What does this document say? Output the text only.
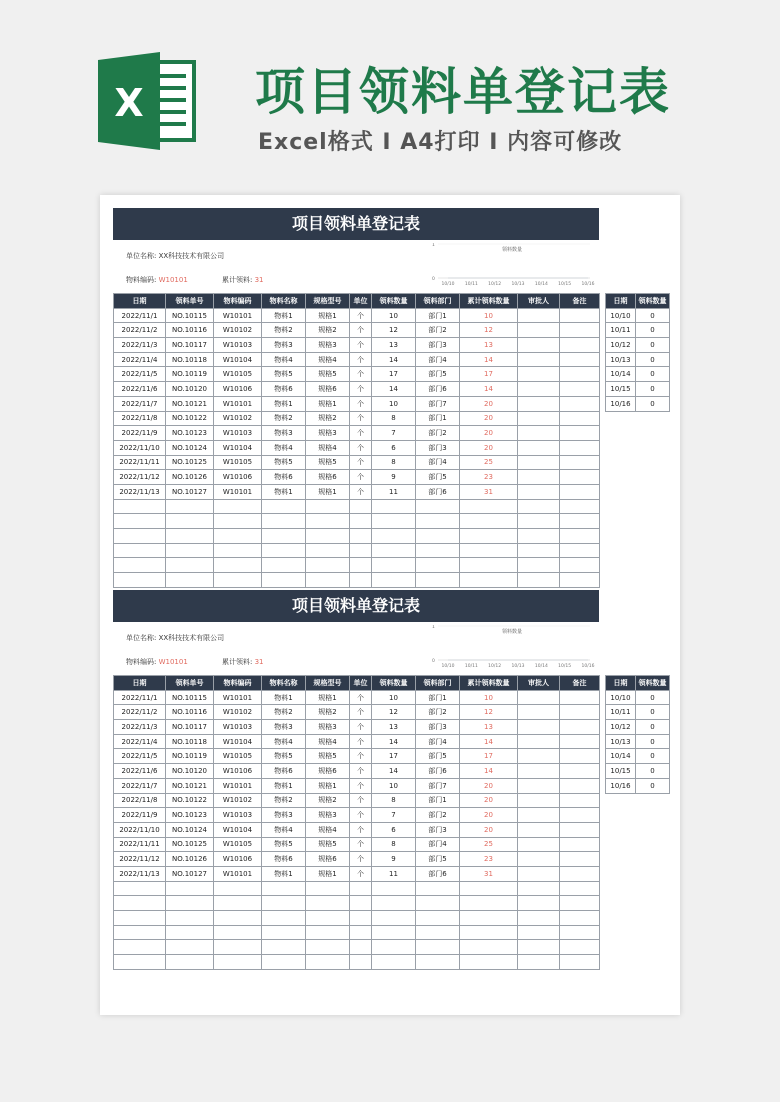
X 项目领料单登记表
Excel格式 I A4打印 I 内容可修改
项目领料单登记表
单位名称: XX科技技术有限公司
物料编码: W10101	累计领料: 31
领料数量
1
0
10/10 10/11 10/12 10/13 10/14 10/15 10/16
日期	领料单号	物料编码	物料名称	规格型号	单位	领料数量	领料部门	累计领料数量	审批人	备注
2022/11/1	NO.10115	W10101	物料1	规格1	个	10	部门1	10		
2022/11/2	NO.10116	W10102	物料2	规格2	个	12	部门2	12		
2022/11/3	NO.10117	W10103	物料3	规格3	个	13	部门3	13		
2022/11/4	NO.10118	W10104	物料4	规格4	个	14	部门4	14		
2022/11/5	NO.10119	W10105	物料5	规格5	个	17	部门5	17		
2022/11/6	NO.10120	W10106	物料6	规格6	个	14	部门6	14		
2022/11/7	NO.10121	W10101	物料1	规格1	个	10	部门7	20		
2022/11/8	NO.10122	W10102	物料2	规格2	个	8	部门1	20		
2022/11/9	NO.10123	W10103	物料3	规格3	个	7	部门2	20		
2022/11/10	NO.10124	W10104	物料4	规格4	个	6	部门3	20		
2022/11/11	NO.10125	W10105	物料5	规格5	个	8	部门4	25		
2022/11/12	NO.10126	W10106	物料6	规格6	个	9	部门5	23		
2022/11/13	NO.10127	W10101	物料1	规格1	个	11	部门6	31		

日期	领料数量
10/10	0
10/11	0
10/12	0
10/13	0
10/14	0
10/15	0
10/16	0
项目领料单登记表
单位名称: XX科技技术有限公司
物料编码: W10101	累计领料: 31
领料数量
1
0
10/10 10/11 10/12 10/13 10/14 10/15 10/16
日期	领料单号	物料编码	物料名称	规格型号	单位	领料数量	领料部门	累计领料数量	审批人	备注
2022/11/1	NO.10115	W10101	物料1	规格1	个	10	部门1	10		
2022/11/2	NO.10116	W10102	物料2	规格2	个	12	部门2	12		
2022/11/3	NO.10117	W10103	物料3	规格3	个	13	部门3	13		
2022/11/4	NO.10118	W10104	物料4	规格4	个	14	部门4	14		
2022/11/5	NO.10119	W10105	物料5	规格5	个	17	部门5	17		
2022/11/6	NO.10120	W10106	物料6	规格6	个	14	部门6	14		
2022/11/7	NO.10121	W10101	物料1	规格1	个	10	部门7	20		
2022/11/8	NO.10122	W10102	物料2	规格2	个	8	部门1	20		
2022/11/9	NO.10123	W10103	物料3	规格3	个	7	部门2	20		
2022/11/10	NO.10124	W10104	物料4	规格4	个	6	部门3	20		
2022/11/11	NO.10125	W10105	物料5	规格5	个	8	部门4	25		
2022/11/12	NO.10126	W10106	物料6	规格6	个	9	部门5	23		
2022/11/13	NO.10127	W10101	物料1	规格1	个	11	部门6	31		

日期	领料数量
10/10	0
10/11	0
10/12	0
10/13	0
10/14	0
10/15	0
10/16	0
